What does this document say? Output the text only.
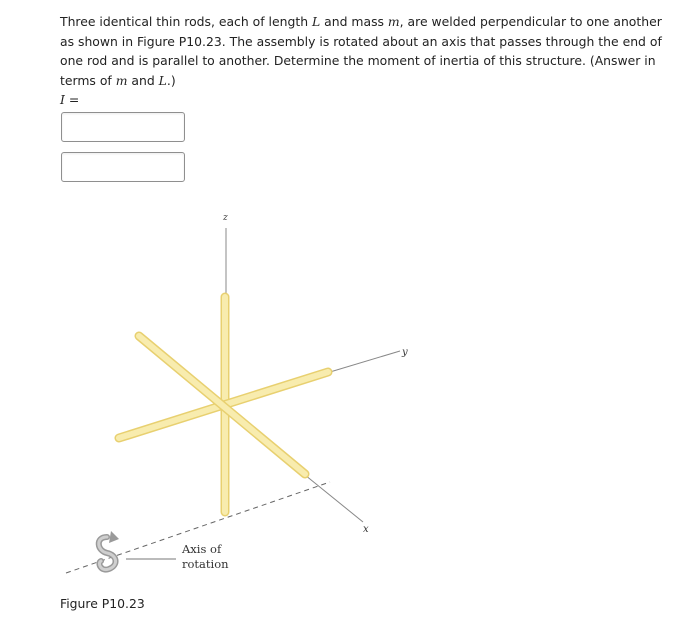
Three identical thin rods, each of length L and mass m, are welded perpendicular to one another as shown in Figure P10.23. The assembly is rotated about an axis that passes through the end of one rod and is parallel to another. Determine the moment of inertia of this structure. (Answer in terms of m and L.)

I =
z
y
x
Axis of
rotation
Figure P10.23
